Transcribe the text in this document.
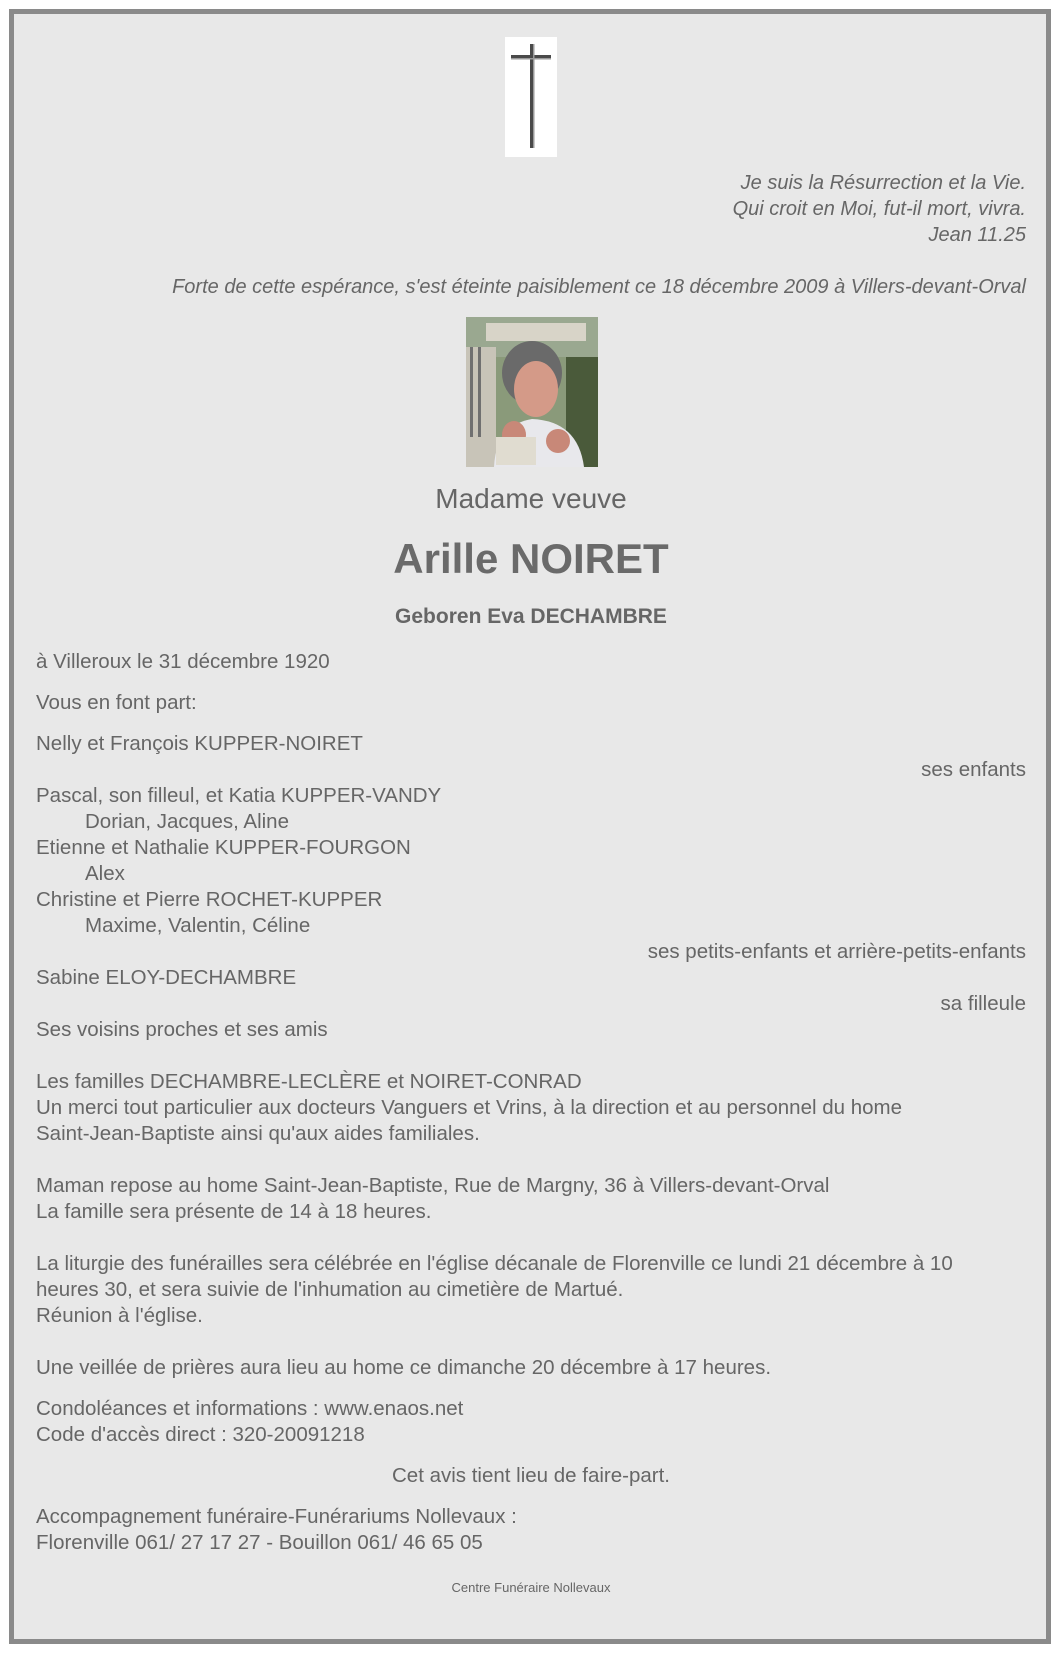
Je suis la Résurrection et la Vie.
Qui croit en Moi, fut-il mort, vivra.
Jean 11.25
Forte de cette espérance, s'est éteinte paisiblement ce 18 décembre 2009 à Villers-devant-Orval
Madame veuve
Arille NOIRET
Geboren Eva DECHAMBRE
à Villeroux le 31 décembre 1920
Vous en font part:
Nelly et François KUPPER-NOIRET
ses enfants
Pascal, son filleul, et Katia KUPPER-VANDY
Dorian, Jacques, Aline
Etienne et Nathalie KUPPER-FOURGON
Alex
Christine et Pierre ROCHET-KUPPER
Maxime, Valentin, Céline
ses petits-enfants et arrière-petits-enfants
Sabine ELOY-DECHAMBRE
sa filleule
Ses voisins proches et ses amis
Les familles DECHAMBRE-LECLÈRE et NOIRET-CONRAD
Un merci tout particulier aux docteurs Vanguers et Vrins, à la direction et au personnel du home
Saint-Jean-Baptiste ainsi qu'aux aides familiales.
Maman repose au home Saint-Jean-Baptiste, Rue de Margny, 36 à Villers-devant-Orval
La famille sera présente de 14 à 18 heures.
La liturgie des funérailles sera célébrée en l'église décanale de Florenville ce lundi 21 décembre à 10
heures 30, et sera suivie de l'inhumation au cimetière de Martué.
Réunion à l'église.
Une veillée de prières aura lieu au home ce dimanche 20 décembre à 17 heures.
Condoléances et informations : www.enaos.net
Code d'accès direct : 320-20091218
Cet avis tient lieu de faire-part.
Accompagnement funéraire-Funérariums Nollevaux :
Florenville 061/ 27 17 27 - Bouillon 061/ 46 65 05
Centre Funéraire Nollevaux
